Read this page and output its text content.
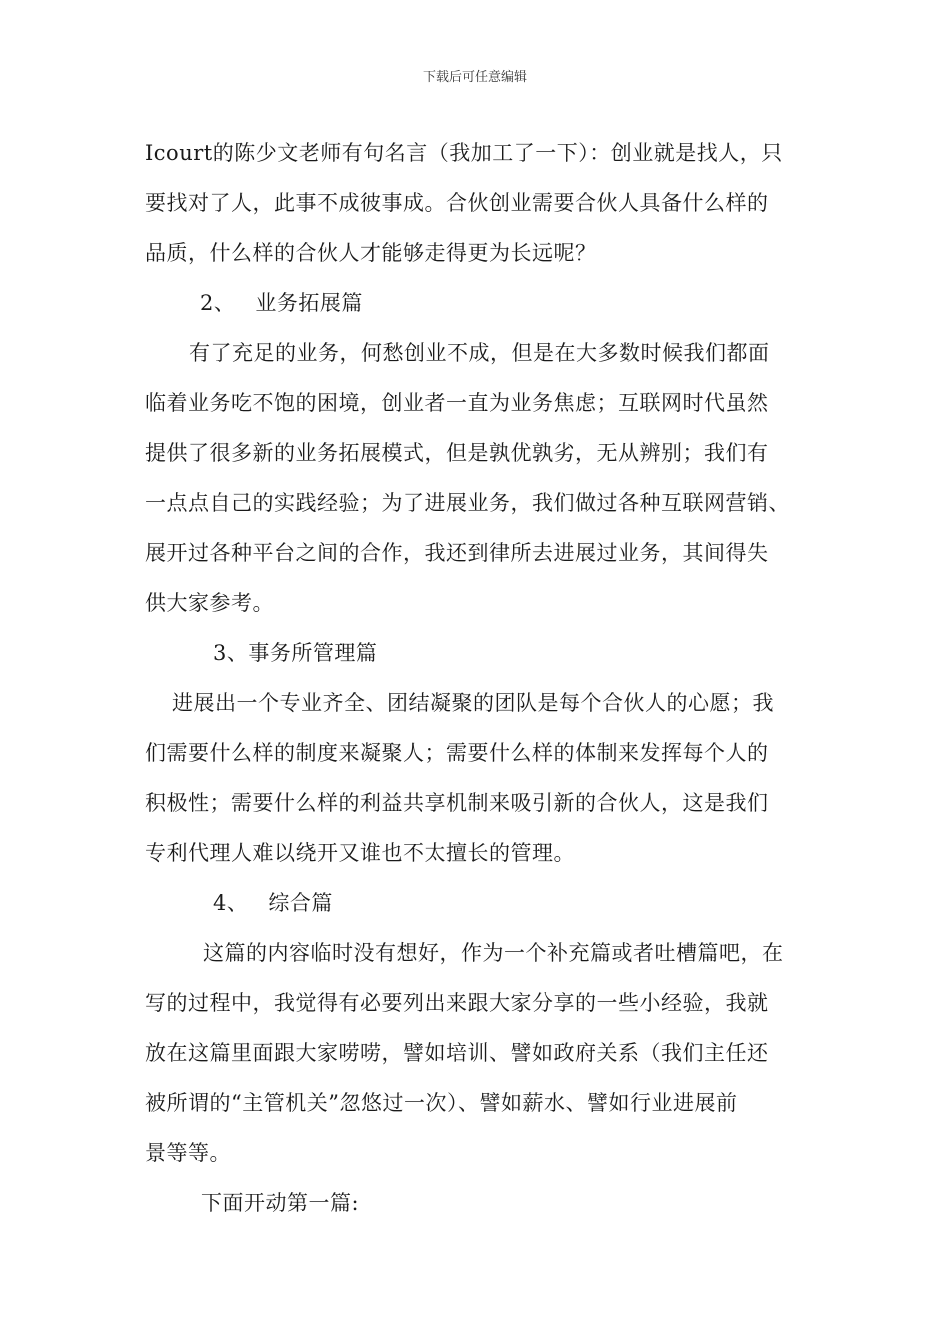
下载后可任意编辑
Icourt的陈少文老师有句名言（我加工了一下）：创业就是找人，只
要找对了人，此事不成彼事成。合伙创业需要合伙人具备什么样的
品质，什么样的合伙人才能够走得更为长远呢？
2、 业务拓展篇
有了充足的业务，何愁创业不成，但是在大多数时候我们都面
临着业务吃不饱的困境，创业者一直为业务焦虑；互联网时代虽然
提供了很多新的业务拓展模式，但是孰优孰劣，无从辨别；我们有
一点点自己的实践经验；为了进展业务，我们做过各种互联网营销、
展开过各种平台之间的合作，我还到律所去进展过业务，其间得失
供大家参考。
3、事务所管理篇
进展出一个专业齐全、团结凝聚的团队是每个合伙人的心愿；我
们需要什么样的制度来凝聚人；需要什么样的体制来发挥每个人的
积极性；需要什么样的利益共享机制来吸引新的合伙人，这是我们
专利代理人难以绕开又谁也不太擅长的管理。
4、 综合篇
这篇的内容临时没有想好，作为一个补充篇或者吐槽篇吧，在
写的过程中，我觉得有必要列出来跟大家分享的一些小经验，我就
放在这篇里面跟大家唠唠，譬如培训、譬如政府关系（我们主任还
被所谓的“主管机关”忽悠过一次）、譬如薪水、譬如行业进展前
景等等。
下面开动第一篇:
